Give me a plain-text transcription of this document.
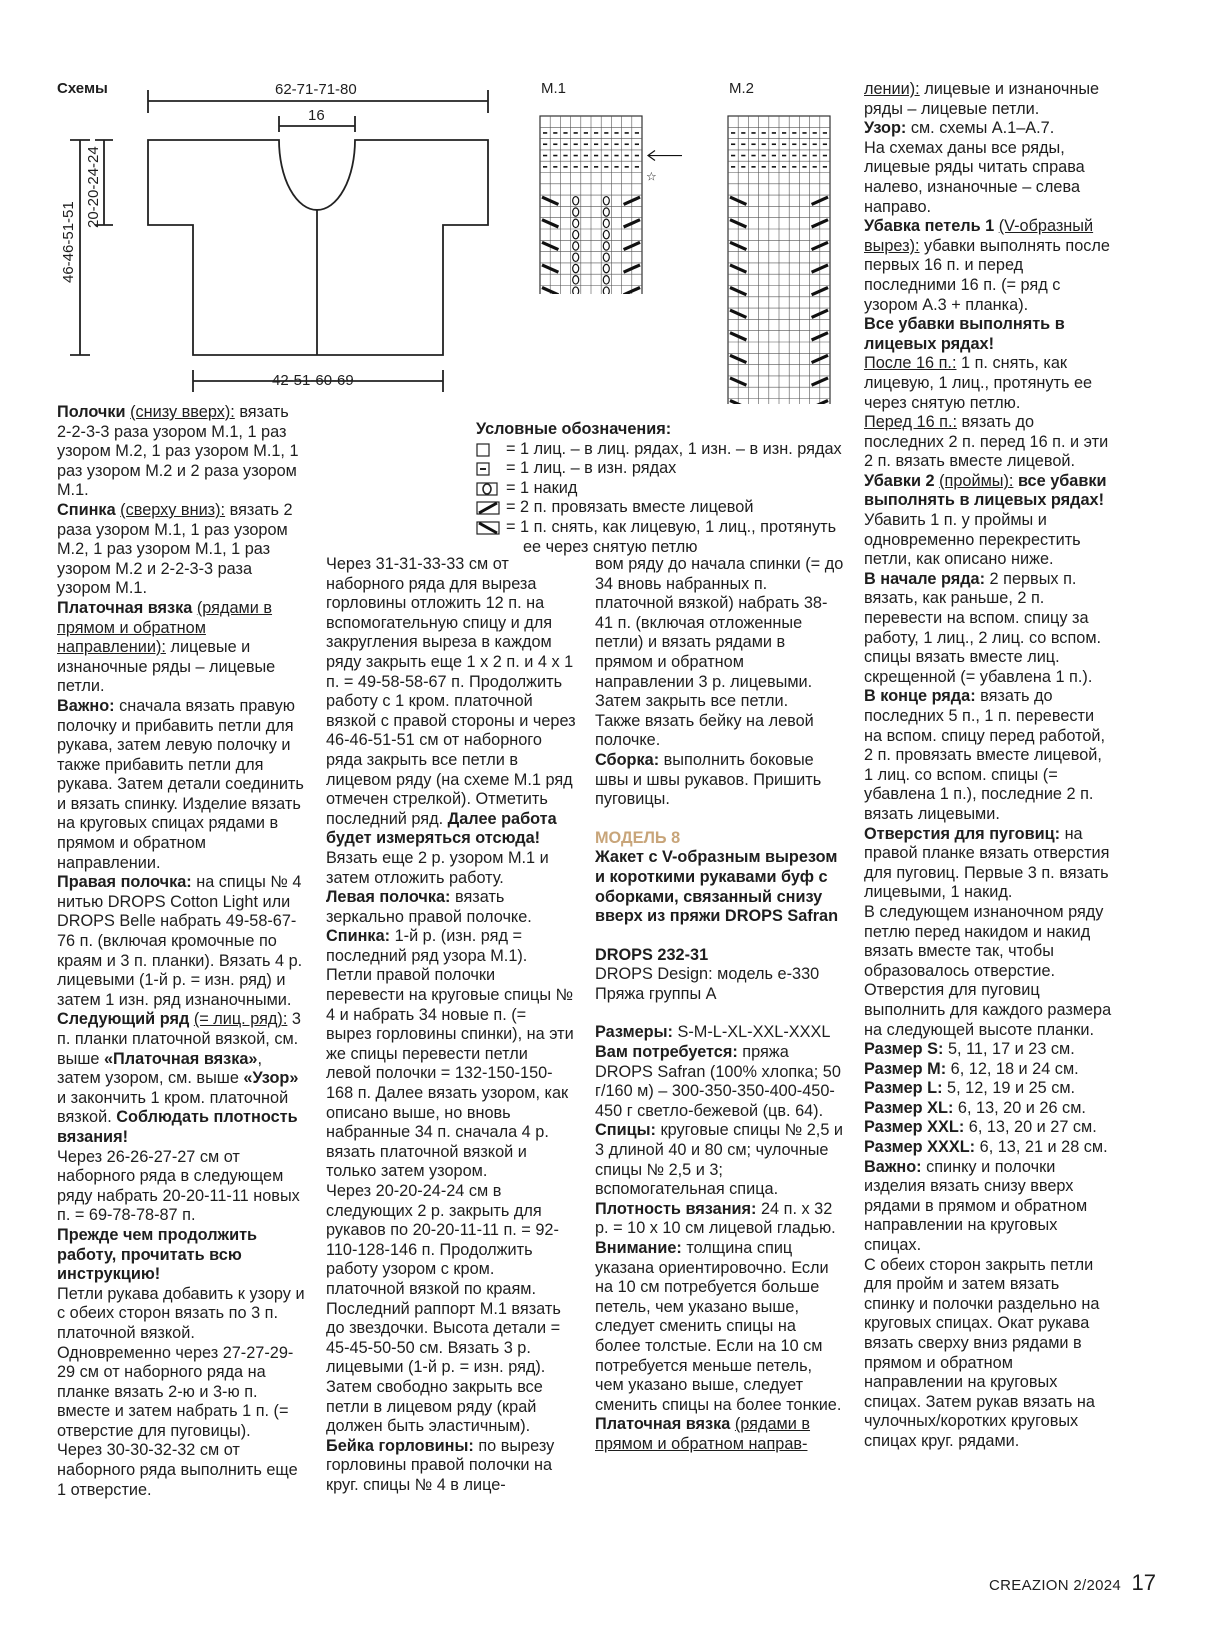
Схемы	62-71-71-80
16
42-51-60-69
46-46-51-51
20-20-24-24
M.1	M.2
☆
Условные обозначения:
= 1 лиц. – в лиц. рядах, 1 изн. – в изн. рядах
= 1 лиц. – в изн. рядах
= 1 накид
= 2 п. провязать вместе лицевой
= 1 п. снять, как лицевую, 1 лиц., протянуть
ее через снятую петлю

Полочки (снизу вверх): вязать 2-2-3-3 раза узором М.1, 1 раз узором М.2, 1 раз узором М.1, 1 раз узором М.2 и 2 раза узором М.1.

Спинка (сверху вниз): вязать 2 раза узором М.1, 1 раз узором М.2, 1 раз узором М.1, 1 раз узором М.2 и 2-2-3-3 раза узором М.1.

Платочная вязка (рядами в прямом и обратном направлении): лицевые и изнаночные ряды – лицевые петли.

Важно: сначала вязать правую полочку и прибавить петли для рукава, затем левую полочку и также прибавить петли для рукава. Затем детали соединить и вязать спинку. Изделие вязать на круговых спицах рядами в прямом и обратном направлении.

Правая полочка: на спицы № 4 нитью DROPS Cotton Light или DROPS Belle набрать 49-58-67-76 п. (включая кромочные по краям и 3 п. планки). Вязать 4 р. лицевыми (1-й р. = изн. ряд) и затем 1 изн. ряд изнаночными.

Следующий ряд (= лиц. ряд): 3 п. планки платочной вязкой, см. выше «Платочная вязка», затем узором, см. выше «Узор» и закончить 1 кром. платочной вязкой. Соблюдать плотность вязания!

Через 26-26-27-27 см от наборного ряда в следующем ряду набрать 20-20-11-11 новых п. = 69-78-78-87 п.

Прежде чем продолжить работу, прочитать всю инструкцию!

Петли рукава добавить к узору и с обеих сторон вязать по 3 п. платочной вязкой. Одновременно через 27-27-29-29 см от наборного ряда на планке вязать 2-ю и 3-ю п. вместе и затем набрать 1 п. (= отверстие для пуговицы).

Через 30-30-32-32 см от наборного ряда выполнить еще 1 отверстие.

Через 31-31-33-33 см от наборного ряда для выреза горловины отложить 12 п. на вспомогательную спицу и для закругления выреза в каждом ряду закрыть еще 1 х 2 п. и 4 х 1 п. = 49-58-58-67 п. Продолжить работу с 1 кром. платочной вязкой с правой стороны и через 46-46-51-51 см от наборного ряда закрыть все петли в лицевом ряду (на схеме М.1 ряд отмечен стрелкой). Отметить последний ряд. Далее работа будет измеряться отсюда! Вязать еще 2 р. узором М.1 и затем отложить работу.

Левая полочка: вязать зеркально правой полочке.

Спинка: 1-й р. (изн. ряд = последний ряд узора М.1). Петли правой полочки перевести на круговые спицы № 4 и набрать 34 новые п. (= вырез горловины спинки), на эти же спицы перевести петли левой полочки = 132-150-150-168 п. Далее вязать узором, как описано выше, но вновь набранные 34 п. сначала 4 р. вязать платочной вязкой и только затем узором.

Через 20-20-24-24 см в следующих 2 р. закрыть для рукавов по 20-20-11-11 п. = 92-110-128-146 п. Продолжить работу узором с кром. платочной вязкой по краям. Последний раппорт М.1 вязать до звездочки. Высота детали = 45-45-50-50 см. Вязать 3 р. лицевыми (1-й р. = изн. ряд). Затем свободно закрыть все петли в лицевом ряду (край должен быть эластичным).

Бейка горловины: по вырезу горловины правой полочки на круг. спицы № 4 в лице-

вом ряду до начала спинки (= до 34 вновь набранных п. платочной вязкой) набрать 38-41 п. (включая отложенные петли) и вязать рядами в прямом и обратном направлении 3 р. лицевыми. Затем закрыть все петли.

Также вязать бейку на левой полочке.

Сборка: выполнить боковые швы и швы рукавов. Пришить пуговицы.

МОДЕЛЬ 8

Жакет с V-образным вырезом и короткими рукавами буф с оборками, связанный снизу вверх из пряжи DROPS Safran

DROPS 232-31

DROPS Design: модель e-330

Пряжа группы A

Размеры: S-M-L-XL-XXL-XXXL

Вам потребуется: пряжа DROPS Safran (100% хлопка; 50 г/160 м) – 300-350-350-400-450-450 г светло-бежевой (цв. 64).

Спицы: круговые спицы № 2,5 и 3 длиной 40 и 80 см; чулочные спицы № 2,5 и 3; вспомогательная спица.

Плотность вязания: 24 п. х 32 р. = 10 х 10 см лицевой гладью.

Внимание: толщина спиц указана ориентировочно. Если на 10 см потребуется больше петель, чем указано выше, следует сменить спицы на более толстые. Если на 10 см потребуется меньше петель, чем указано выше, следует сменить спицы на более тонкие.

Платочная вязка (рядами в прямом и обратном направ-

лении): лицевые и изнаночные ряды – лицевые петли.

Узор: см. схемы A.1–A.7.

На схемах даны все ряды, лицевые ряды читать справа налево, изнаночные – слева направо.

Убавка петель 1 (V-образный вырез): убавки выполнять после первых 16 п. и перед последними 16 п. (= ряд с узором A.3 + планка).

Все убавки выполнять в лицевых рядах!

После 16 п.: 1 п. снять, как лицевую, 1 лиц., протянуть ее через снятую петлю.

Перед 16 п.: вязать до последних 2 п. перед 16 п. и эти 2 п. вязать вместе лицевой.

Убавки 2 (проймы): все убавки выполнять в лицевых рядах!

Убавить 1 п. у проймы и одновременно перекрестить петли, как описано ниже.

В начале ряда: 2 первых п. вязать, как раньше, 2 п. перевести на вспом. спицу за работу, 1 лиц., 2 лиц. со вспом. спицы вязать вместе лиц. скрещенной (= убавлена 1 п.).

В конце ряда: вязать до последних 5 п., 1 п. перевести на вспом. спицу перед работой, 2 п. провязать вместе лицевой, 1 лиц. со вспом. спицы (= убавлена 1 п.), последние 2 п. вязать лицевыми.

Отверстия для пуговиц: на правой планке вязать отверстия для пуговиц. Первые 3 п. вязать лицевыми, 1 накид.

В следующем изнаночном ряду петлю перед накидом и накид вязать вместе так, чтобы образовалось отверстие.

Отверстия для пуговиц выполнить для каждого размера на следующей высоте планки.

Размер S: 5, 11, 17 и 23 см.

Размер M: 6, 12, 18 и 24 см.

Размер L: 5, 12, 19 и 25 см.

Размер XL: 6, 13, 20 и 26 см.

Размер XXL: 6, 13, 20 и 27 см.

Размер XXXL: 6, 13, 21 и 28 см.

Важно: спинку и полочки изделия вязать снизу вверх рядами в прямом и обратном направлении на круговых спицах.

С обеих сторон закрыть петли для пройм и затем вязать спинку и полочки раздельно на круговых спицах. Окат рукава вязать сверху вниз рядами в прямом и обратном направлении на круговых спицах. Затем рукав вязать на чулочных/коротких круговых спицах круг. рядами.

CREAZION 2/2024 17
